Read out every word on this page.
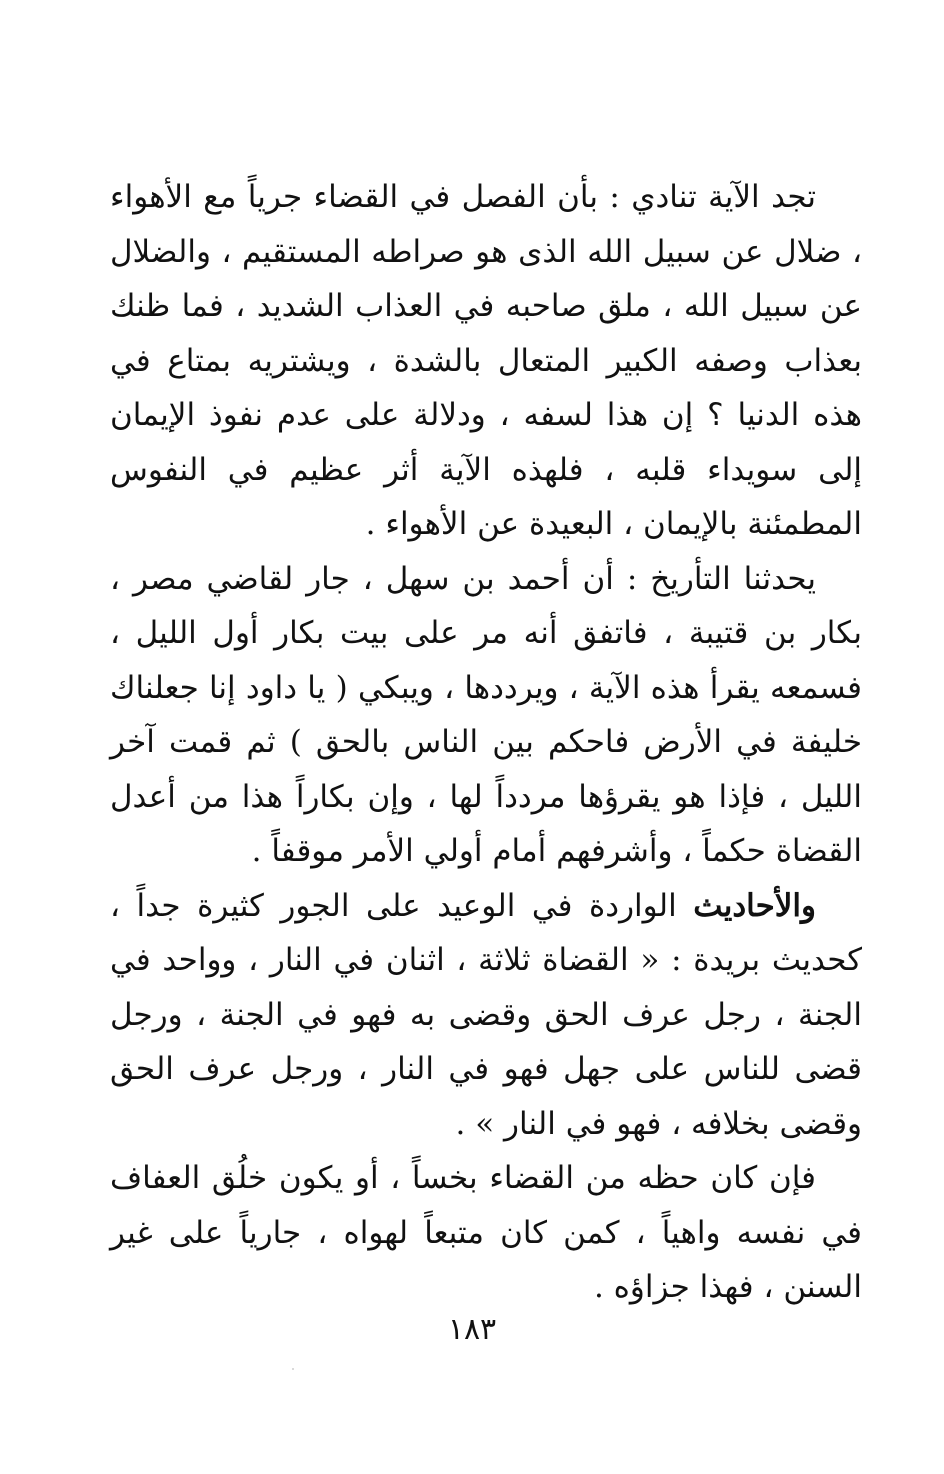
تجد الآية تنادي : بأن الفصل في القضاء جرياً مع الأهواء ، ضلال عن سبيل الله الذى هو صراطه المستقيم ، والضلال عن سبيل الله ، ملق صاحبه في العذاب الشديد ، فما ظنك بعذاب وصفه الكبير المتعال بالشدة ، ويشتريه بمتاع في هذه الدنيا ؟ إن هذا لسفه ، ودلالة على عدم نفوذ الإيمان إلى سويداء قلبه ، فلهذه الآية أثر عظيم في النفوس المطمئنة بالإيمان ، البعيدة عن الأهواء .

يحدثنا التأريخ : أن أحمد بن سهل ، جار لقاضي مصر ، بكار بن قتيبة ، فاتفق أنه مر على بيت بكار أول الليل ، فسمعه يقرأ هذه الآية ، ويرددها ، ويبكي ( يا داود إنا جعلناك خليفة في الأرض فاحكم بين الناس بالحق ) ثم قمت آخر الليل ، فإذا هو يقرؤها مردداً لها ، وإن بكاراً هذا من أعدل القضاة حكماً ، وأشرفهم أمام أولي الأمر موقفاً .

والأحاديث الواردة في الوعيد على الجور كثيرة جداً ، كحديث بريدة : « القضاة ثلاثة ، اثنان في النار ، وواحد في الجنة ، رجل عرف الحق وقضى به فهو في الجنة ، ورجل قضى للناس على جهل فهو في النار ، ورجل عرف الحق وقضى بخلافه ، فهو في النار » .

فإن كان حظه من القضاء بخساً ، أو يكون خلُق العفاف في نفسه واهياً ، كمن كان متبعاً لهواه ، جارياً على غير السنن ، فهذا جزاؤه .

١٨٣
